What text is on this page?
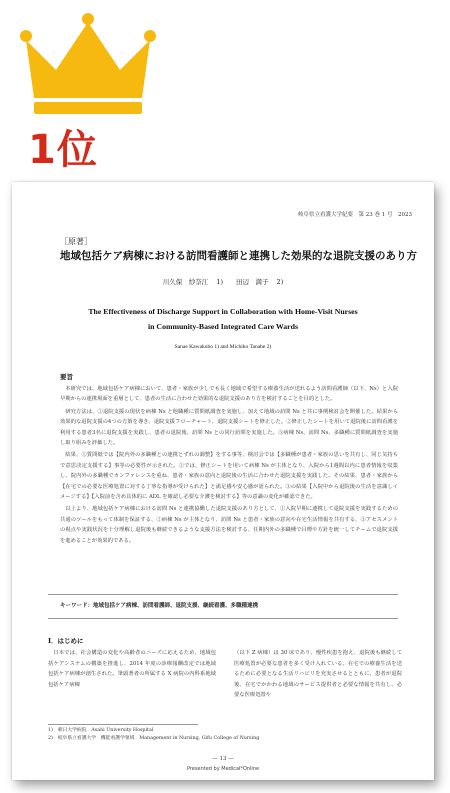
1位
岐阜県立看護大学紀要　第 23 巻 1 号　2023
［原著］
地域包括ケア病棟における訪問看護師と連携した効果的な退院支援のあり方
川久保　紗奈江 1)　　田辺　満子 2)
The Effectiveness of Discharge Support in Collaboration with Home-Visit Nurses
in Community-Based Integrated Care Wards
Sanae Kawakubo 1) and Michiko Tanabe 2)
要旨

本研究では、地域包括ケア病棟において、患者・家族が少しでも長く地域で希望する療養生活が送れるよう訪問看護師（以下、Ns）と入院早期からの連携場面を重層として、患者の生活に合わせた効果的な退院支援のあり方を検討することを目的とした。

研究方法は、①退院支援の現状を病棟 Ns と他職種に質問紙調査を実施し、加えて地域の訪問 Ns と共に事例検討会を開催した。結果から効果的な退院支援の4つの方策を導き、退院支援フローチャート、退院支援シートを修正した。②修正したシートを用いて退院後に訪問看護を利用する患者3名に退院支援を実践し、患者の退院後、訪問 Ns との同行訪問を実施した。③病棟 Ns、訪問 Ns、多職種に質問紙調査を実施し取り組みを評価した。

結果、①質問紙では【院内外の多職種との連携とずれの調整】をする事等、検討会では【多職種が患者・家族の思いを共有し、同じ気持ちで意思決定支援する】事等の必要性が示された。②では、修正シートを用いて病棟 Ns が主体となり、入院から1週間以内に患者情報を収集し、院内外の多職種でカンファレンスを重ね、患者・家族の意向と退院後の生活に合わせた退院支援を実践した。その結果、患者・家族から【在宅での必要な医療処置に対する丁寧な指導が受けられた】と満足感や安心感が語られた。③の結果【入院中から退院後の生活を意識しイメージする】【入院前を含め具体的に ADL を確認し必要な介護を検討する】等の意識の変化が確認できた。

以上より、地域包括ケア病棟における訪問 Ns と連携協働した退院支援のあり方として、①入院早期に連携して退院支援を実践するための共通のツールをもって体制を保証する、②病棟 Ns が主体となり、訪問 Ns と患者・家族の意向や在宅生活情報を共有する、③アセスメントの視点や実践状況を十分理解し退院後も継続できるような支援方法を検討する、任期内外の多職種で目標や方針を統一してチームで退院支援を進めることが効果的である。

キーワード：地域包括ケア病棟、訪問看護師、退院支援、継続看護、多職種連携
Ⅰ．はじめに

日本では、社会構造の変化や高齢者のニーズに応えるため、地域包括ケアシステムの構築を推進し、2014 年度の診療報酬改定では地域包括ケア病棟が創生された。筆頭著者の所属する X 病院の内科系地域包括ケア病棟

（以下 Z 病棟）は 30 床であり、慢性疾患を抱え、退院後も継続して医療処置が必要な患者を多く受け入れている。在宅での療養生活を送るために必要となる生活リハビリを充実させるとともに、患者が退院後、在宅でかかわる地域のサービス提供者と必要な情報を共有し、必要な医療処置や

1)　朝日大学病院　Asahi University Hospital
2)　岐阜県立看護大学　機能看護学領域　Management in Nursing, Gifu College of Nursing
— 13 —
Presented by Medical*Online
